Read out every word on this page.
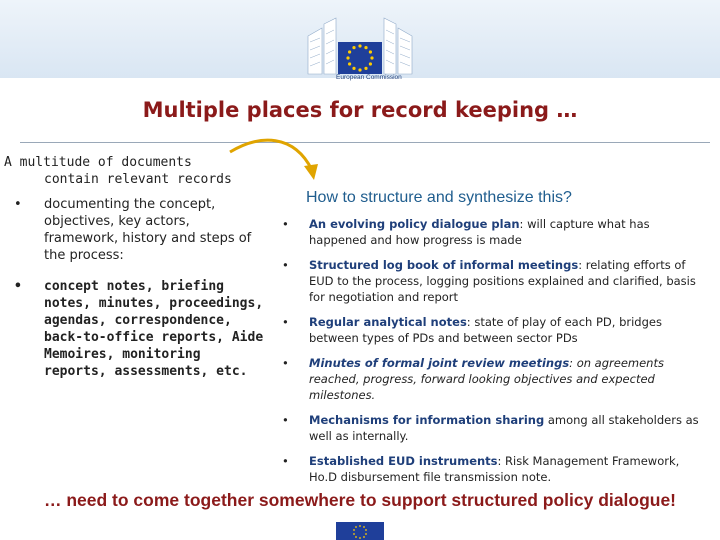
European Commission
Multiple places for record keeping …
A multitude of documents
contain relevant records
• documenting the concept, objectives, key actors, framework, history and steps of the process:
• concept notes, briefing notes, minutes, proceedings, agendas, correspondence, back-to-office reports, Aide Memoires, monitoring reports, assessments, etc.
How to structure and synthesize this?
• An evolving policy dialogue plan: will capture what has happened and how progress is made
• Structured log book of informal meetings: relating efforts of EUD to the process, logging positions explained and clarified, basis for negotiation and report
• Regular analytical notes: state of play of each PD, bridges between types of PDs and between sector PDs
• Minutes of formal joint review meetings: on agreements reached, progress, forward looking objectives and expected milestones.
• Mechanisms for information sharing among all stakeholders as well as internally.
• Established EUD instruments: Risk Management Framework, Ho.D disbursement file transmission note.
… need to come together somewhere to support structured policy dialogue!
